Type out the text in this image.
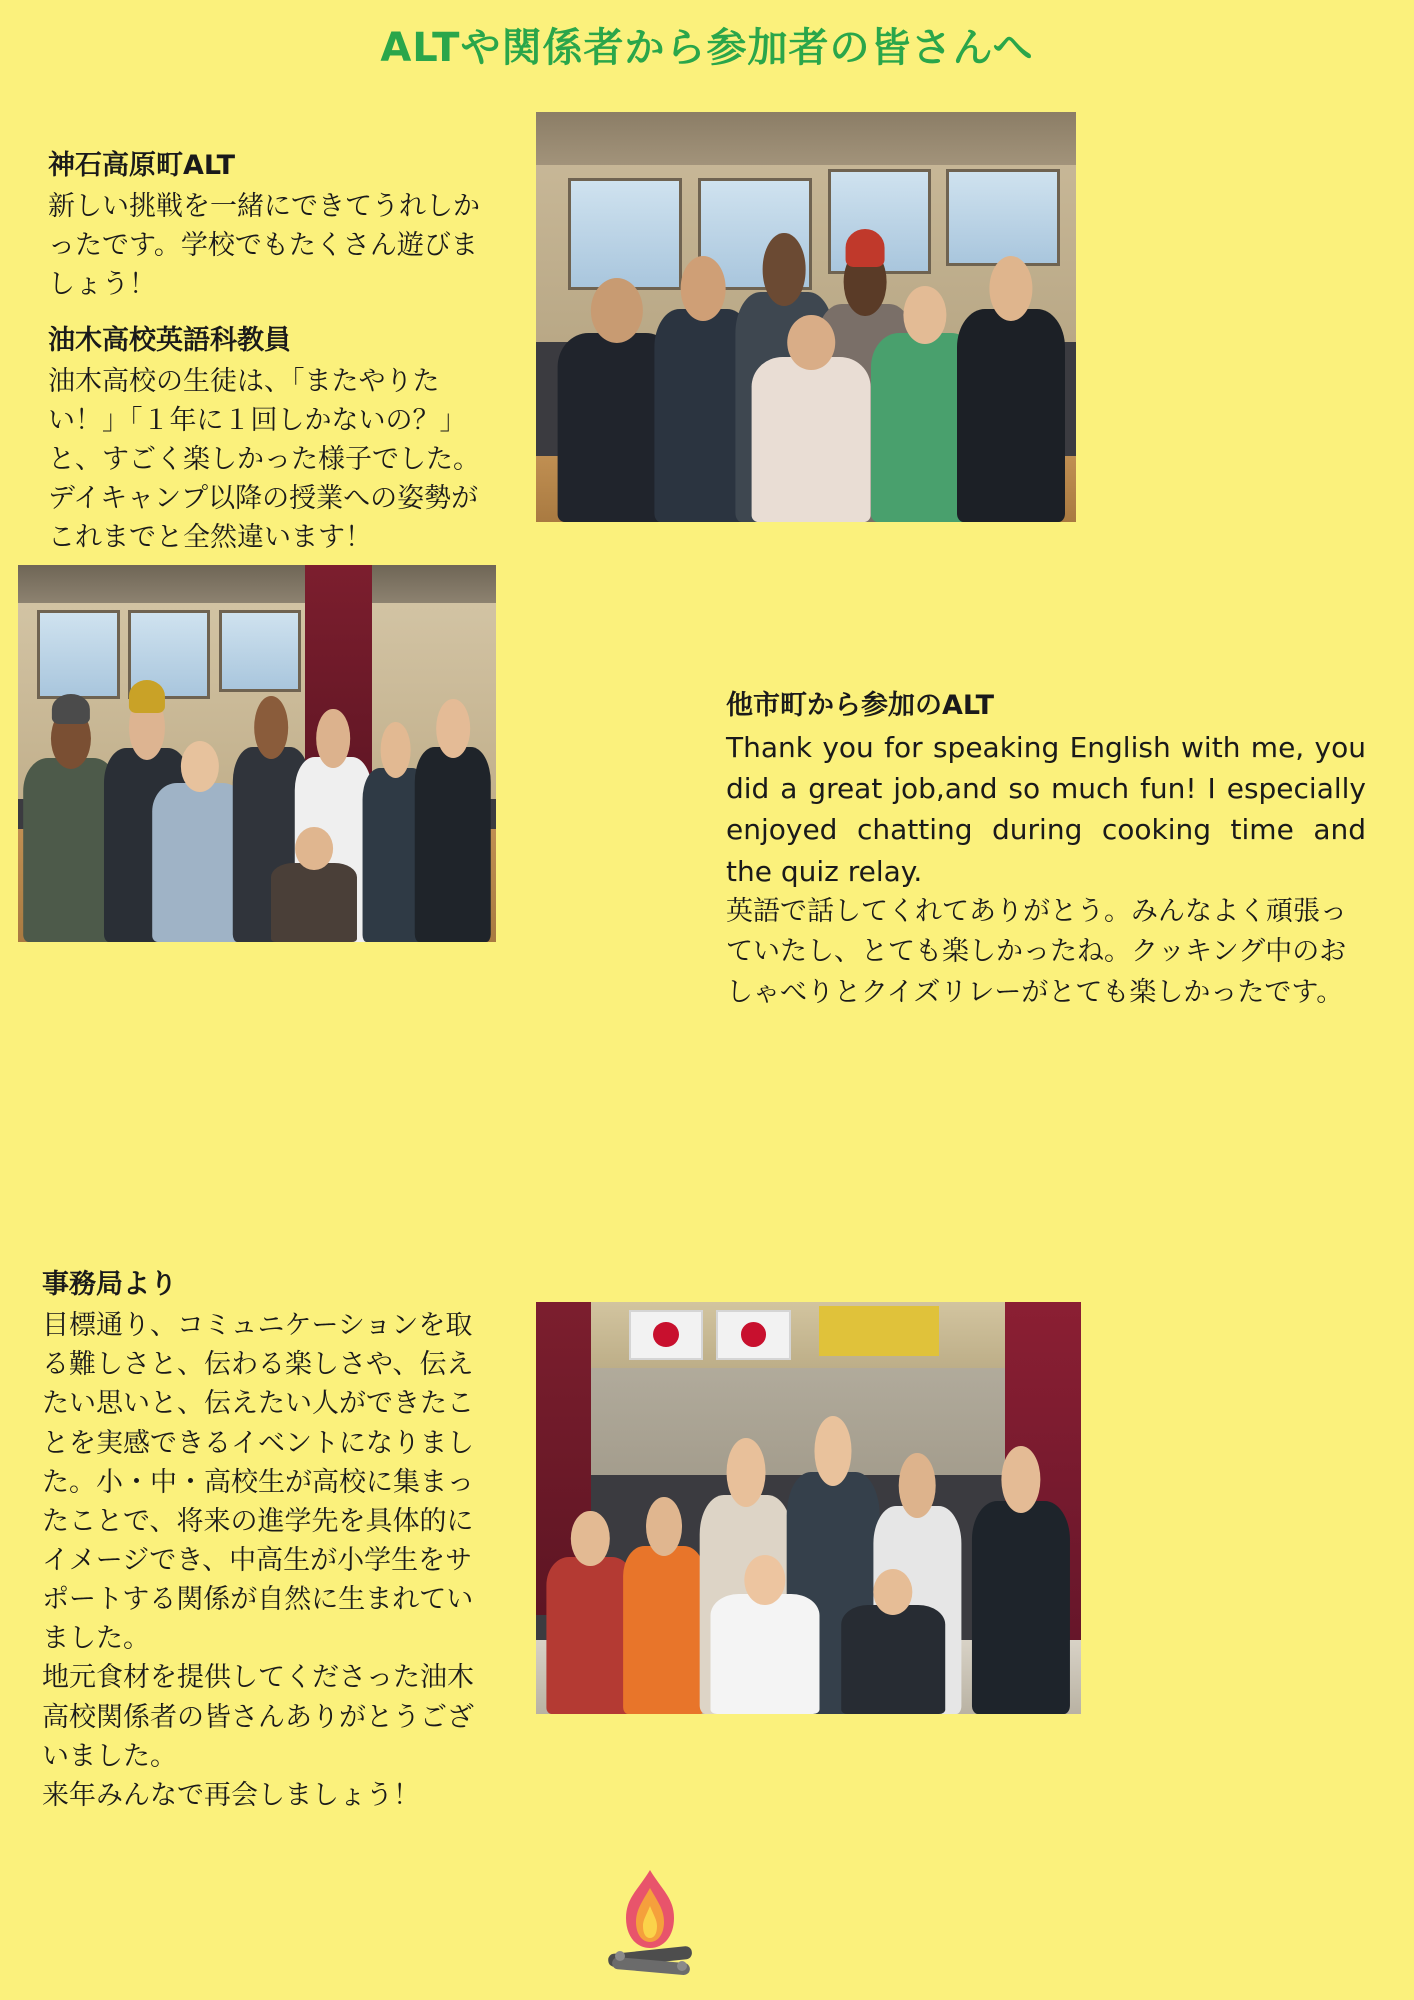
ALTや関係者から参加者の皆さんへ

神石高原町ALT
新しい挑戦を一緒にできてうれしかったです。学校でもたくさん遊びましょう！

油木高校英語科教員
油木高校の生徒は、「またやりたい！」「１年に１回しかないの？」と、すごく楽しかった様子でした。デイキャンプ以降の授業への姿勢がこれまでと全然違います！

他市町から参加のALT

Thank you for speaking English with me, you did a great job,and so much fun! I especially enjoyed chatting during cooking time and the quiz relay.

英語で話してくれてありがとう。みんなよく頑張っていたし、とても楽しかったね。クッキング中のおしゃべりとクイズリレーがとても楽しかったです。

事務局より

目標通り、コミュニケーションを取る難しさと、伝わる楽しさや、伝えたい思いと、伝えたい人ができたことを実感できるイベントになりました。小・中・高校生が高校に集まったことで、将来の進学先を具体的にイメージでき、中高生が小学生をサポートする関係が自然に生まれていました。

地元食材を提供してくださった油木高校関係者の皆さんありがとうございました。

来年みんなで再会しましょう！
